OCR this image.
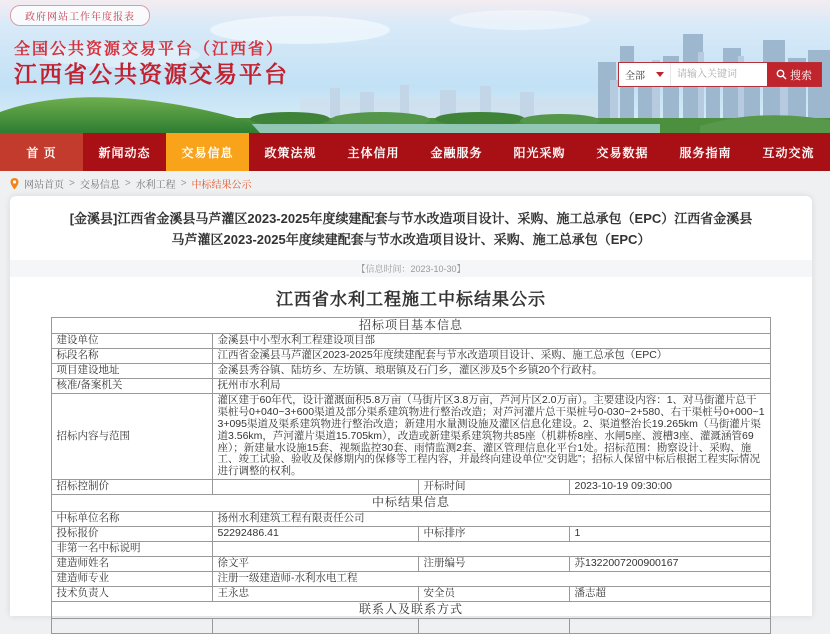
政府网站工作年度报表
全国公共资源交易平台（江西省）
江西省公共资源交易平台	全部
请输入关键词	搜索
首 页	新闻动态	交易信息	政策法规	主体信用	金融服务	阳光采购	交易数据	服务指南	互动交流
网站首页 > 交易信息 > 水利工程 > 中标结果公示
[金溪县]江西省金溪县马芦灌区2023-2025年度续建配套与节水改造项目设计、采购、施工总承包（EPC）江西省金溪县马芦灌区2023-2025年度续建配套与节水改造项目设计、采购、施工总承包（EPC）
【信息时间：2023-10-30】
江西省水利工程施工中标结果公示
招标项目基本信息			
建设单位	金溪县中小型水利工程建设项目部		
标段名称	江西省金溪县马芦灌区2023-2025年度续建配套与节水改造项目设计、采购、施工总承包（EPC）		
项目建设地址	金溪县秀谷镇、陆坊乡、左坊镇、琅琚镇及石门乡，灌区涉及5个乡镇20个行政村。		
核准/备案机关	抚州市水利局		
招标内容与范围	灌区建于60年代，设计灌溉面积5.8万亩（马街片区3.8万亩，芦河片区2.0万亩）。主要建设内容：1、对马街灌片总干渠桩号0+040~3+600渠道及部分渠系建筑物进行整治改造；对芦河灌片总干渠桩号0-030~2+580、右干渠桩号0+000~13+095渠道及渠系建筑物进行整治改造；新建用水量测设施及灌区信息化建设。2、渠道整治长19.265km（马街灌片渠道3.56km，芦河灌片渠道15.705km），改造或新建渠系建筑物共85座（机耕桥8座、水闸5座、渡槽3座、灌溉涵管69座）；新建量水设施15套、视频监控30套、雨情监测2套、灌区管理信息化平台1处。招标范围：勘察设计、采购、施工、竣工试验、验收及保修期内的保修等工程内容，并最终向建设单位“交钥匙”；招标人保留中标后根据工程实际情况进行调整的权利。		
招标控制价		开标时间	2023-10-19 09:30:00
中标结果信息			
中标单位名称	扬州水利建筑工程有限责任公司		
投标报价	52292486.41	中标排序	1
非第一名中标说明			
建造师姓名	徐文平	注册编号	苏1322007200900167
建造师专业	注册一级建造师-水利水电工程		
技术负责人	王永忠	安全员	潘志超
联系人及联系方式			
